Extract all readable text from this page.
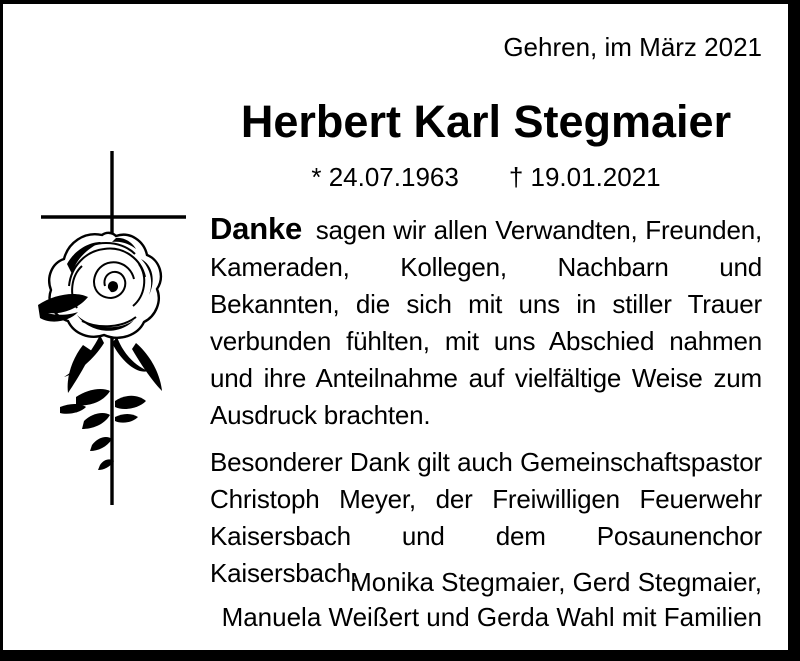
Gehren, im März 2021
Herbert Karl Stegmaier
* 24.07.1963 † 19.01.2021

Danke sagen wir allen Verwandten, Freunden, Kameraden, Kollegen, Nachbarn und Bekannten, die sich mit uns in stiller Trauer verbunden fühlten, mit uns Abschied nahmen und ihre Anteilnahme auf vielfältige Weise zum Ausdruck brachten.

Besonderer Dank gilt auch Gemeinschaftspastor Christoph Meyer, der Freiwilligen Feuerwehr Kaisersbach und dem Posaunenchor Kaisersbach.

Monika Stegmaier, Gerd Stegmaier,
Manuela Weißert und Gerda Wahl mit Familien
